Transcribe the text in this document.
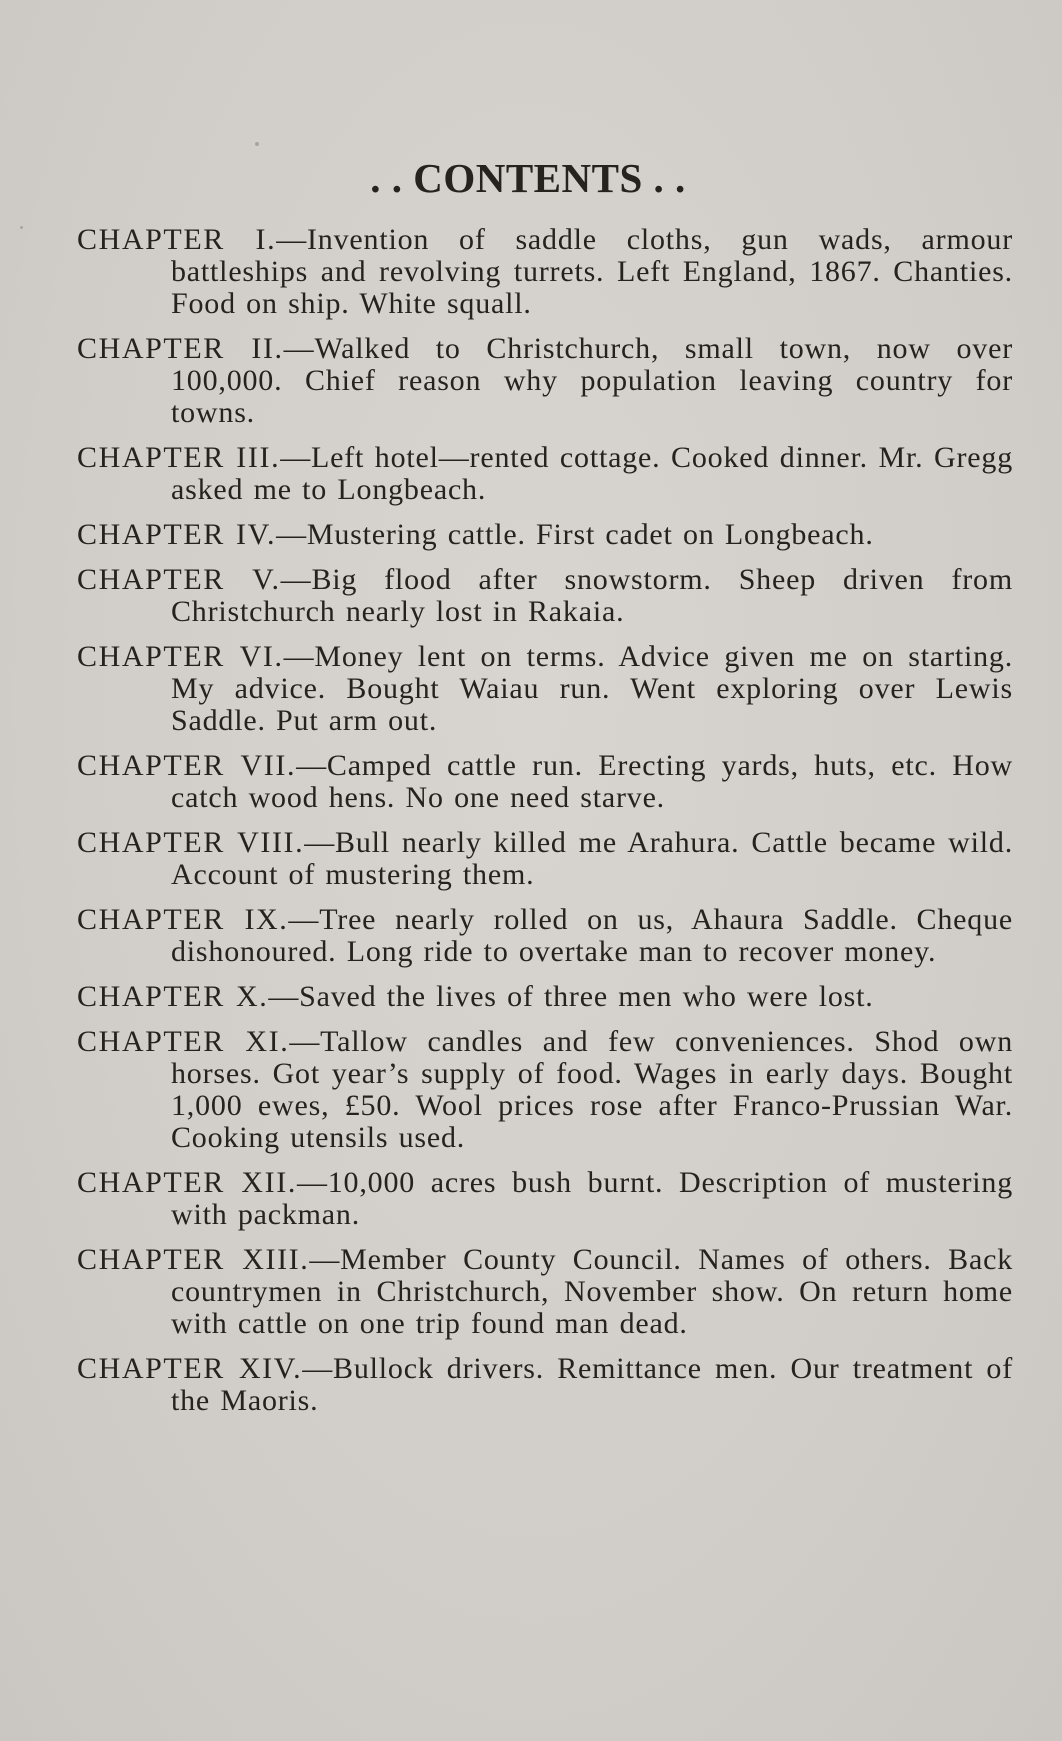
. . CONTENTS . .
CHAPTER I.—Invention of saddle cloths, gun wads, armour battleships and revolving turrets. Left England, 1867. Chanties. Food on ship. White squall.
CHAPTER II.—Walked to Christchurch, small town, now over 100,000. Chief reason why population leaving country for towns.
CHAPTER III.—Left hotel—rented cottage. Cooked dinner. Mr. Gregg asked me to Longbeach.
CHAPTER IV.—Mustering cattle. First cadet on Longbeach.
CHAPTER V.—Big flood after snowstorm. Sheep driven from Christchurch nearly lost in Rakaia.
CHAPTER VI.—Money lent on terms. Advice given me on starting. My advice. Bought Waiau run. Went exploring over Lewis Saddle. Put arm out.
CHAPTER VII.—Camped cattle run. Erecting yards, huts, etc. How catch wood hens. No one need starve.
CHAPTER VIII.—Bull nearly killed me Arahura. Cattle became wild. Account of mustering them.
CHAPTER IX.—Tree nearly rolled on us, Ahaura Saddle. Cheque dishonoured. Long ride to overtake man to recover money.
CHAPTER X.—Saved the lives of three men who were lost.
CHAPTER XI.—Tallow candles and few conveniences. Shod own horses. Got year’s supply of food. Wages in early days. Bought 1,000 ewes, £50. Wool prices rose after Franco-Prussian War. Cooking utensils used.
CHAPTER XII.—10,000 acres bush burnt. Description of mustering with packman.
CHAPTER XIII.—Member County Council. Names of others. Back countrymen in Christchurch, November show. On return home with cattle on one trip found man dead.
CHAPTER XIV.—Bullock drivers. Remittance men. Our treatment of the Maoris.
